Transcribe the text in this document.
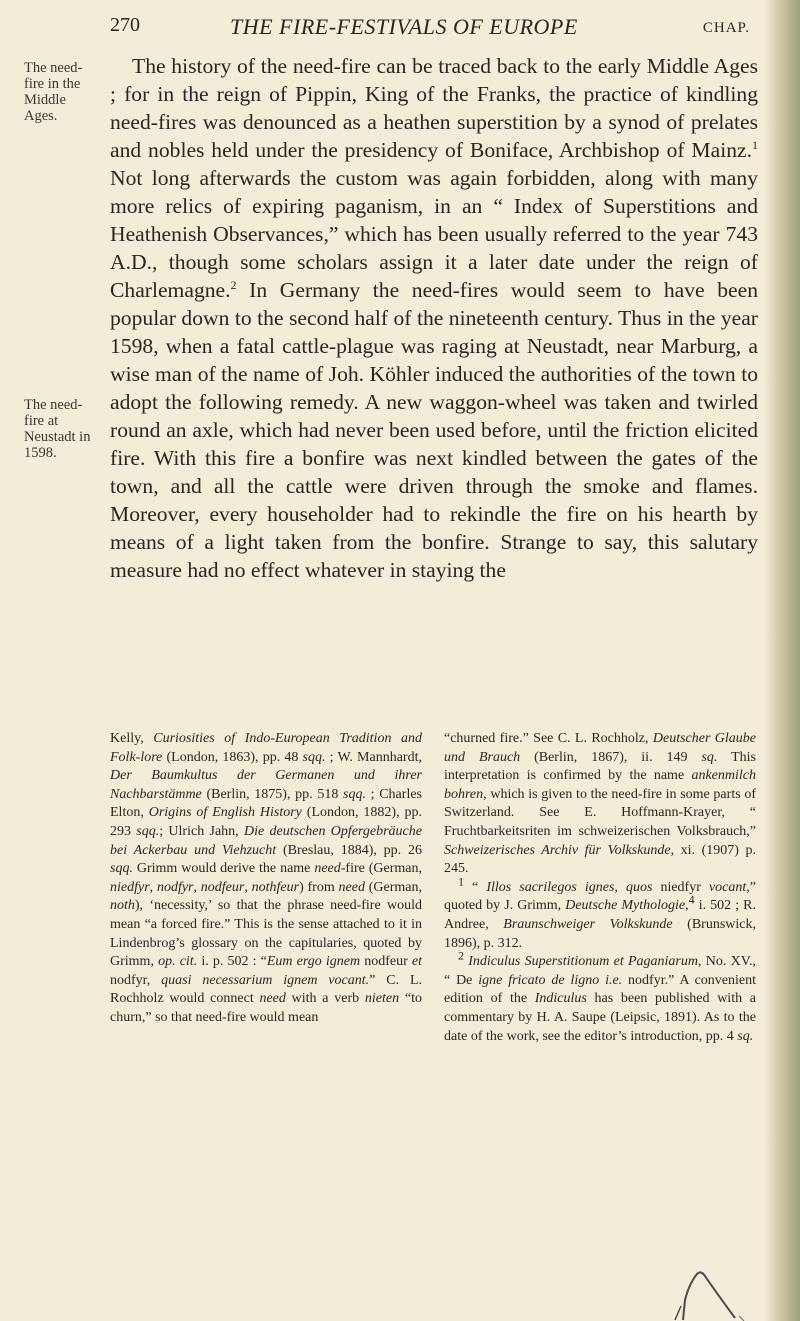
270	THE FIRE-FESTIVALS OF EUROPE	CHAP.
The need-fire in the Middle Ages.
The need-fire at Neustadt in 1598.

The history of the need-fire can be traced back to the early Middle Ages ; for in the reign of Pippin, King of the Franks, the practice of kindling need-fires was denounced as a heathen superstition by a synod of prelates and nobles held under the presidency of Boniface, Archbishop of Mainz.$^1$ Not long afterwards the custom was again forbidden, along with many more relics of expiring paganism, in an “ Index of Superstitions and Heathenish Observances,” which has been usually referred to the year 743 A.D., though some scholars assign it a later date under the reign of Charlemagne.$^2$ In Germany the need-fires would seem to have been popular down to the second half of the nineteenth century. Thus in the year 1598, when a fatal cattle-plague was raging at Neustadt, near Marburg, a wise man of the name of Joh. Köhler induced the authorities of the town to adopt the following remedy. A new waggon-wheel was taken and twirled round an axle, which had never been used before, until the friction elicited fire. With this fire a bonfire was next kindled between the gates of the town, and all the cattle were driven through the smoke and flames. Moreover, every householder had to rekindle the fire on his hearth by means of a light taken from the bonfire. Strange to say, this salutary measure had no effect whatever in staying the

Kelly, Curiosities of Indo-European Tradition and Folk-lore (London, 1863), pp. 48 sqq. ; W. Mannhardt, Der Baumkultus der Germanen und ihrer Nachbarstämme (Berlin, 1875), pp. 518 sqq. ; Charles Elton, Origins of English History (London, 1882), pp. 293 sqq.; Ulrich Jahn, Die deutschen Opfergebräuche bei Ackerbau und Viehzucht (Breslau, 1884), pp. 26 sqq. Grimm would derive the name need-fire (German, niedfyr, nodfyr, nodfeur, nothfeur) from need (German, noth), ‘necessity,’ so that the phrase need-fire would mean “a forced fire.” This is the sense attached to it in Lindenbrog’s glossary on the capitularies, quoted by Grimm, op. cit. i. p. 502 : “Eum ergo ignem nodfeur et nodfyr, quasi necessarium ignem vocant.” C. L. Rochholz would connect need with a verb nieten “to churn,” so that need-fire would mean

“churned fire.” See C. L. Rochholz, Deutscher Glaube und Brauch (Berlin, 1867), ii. 149 sq. This interpretation is confirmed by the name ankenmilch bohren, which is given to the need-fire in some parts of Switzerland. See E. Hoffmann-Krayer, “ Fruchtbarkeitsriten im schweizerischen Volksbrauch,” Schweizerisches Archiv für Volkskunde, xi. (1907) p. 245.

$^1$ “ Illos sacrilegos ignes, quos niedfyr vocant,” quoted by J. Grimm, Deutsche Mythologie,$^4$ i. 502 ; R. Andree, Braunschweiger Volkskunde (Brunswick, 1896), p. 312.

$^2$ Indiculus Superstitionum et Paganiarum, No. XV., “ De igne fricato de ligno i.e. nodfyr.” A convenient edition of the Indiculus has been published with a commentary by H. A. Saupe (Leipsic, 1891). As to the date of the work, see the editor’s introduction, pp. 4 sq.
